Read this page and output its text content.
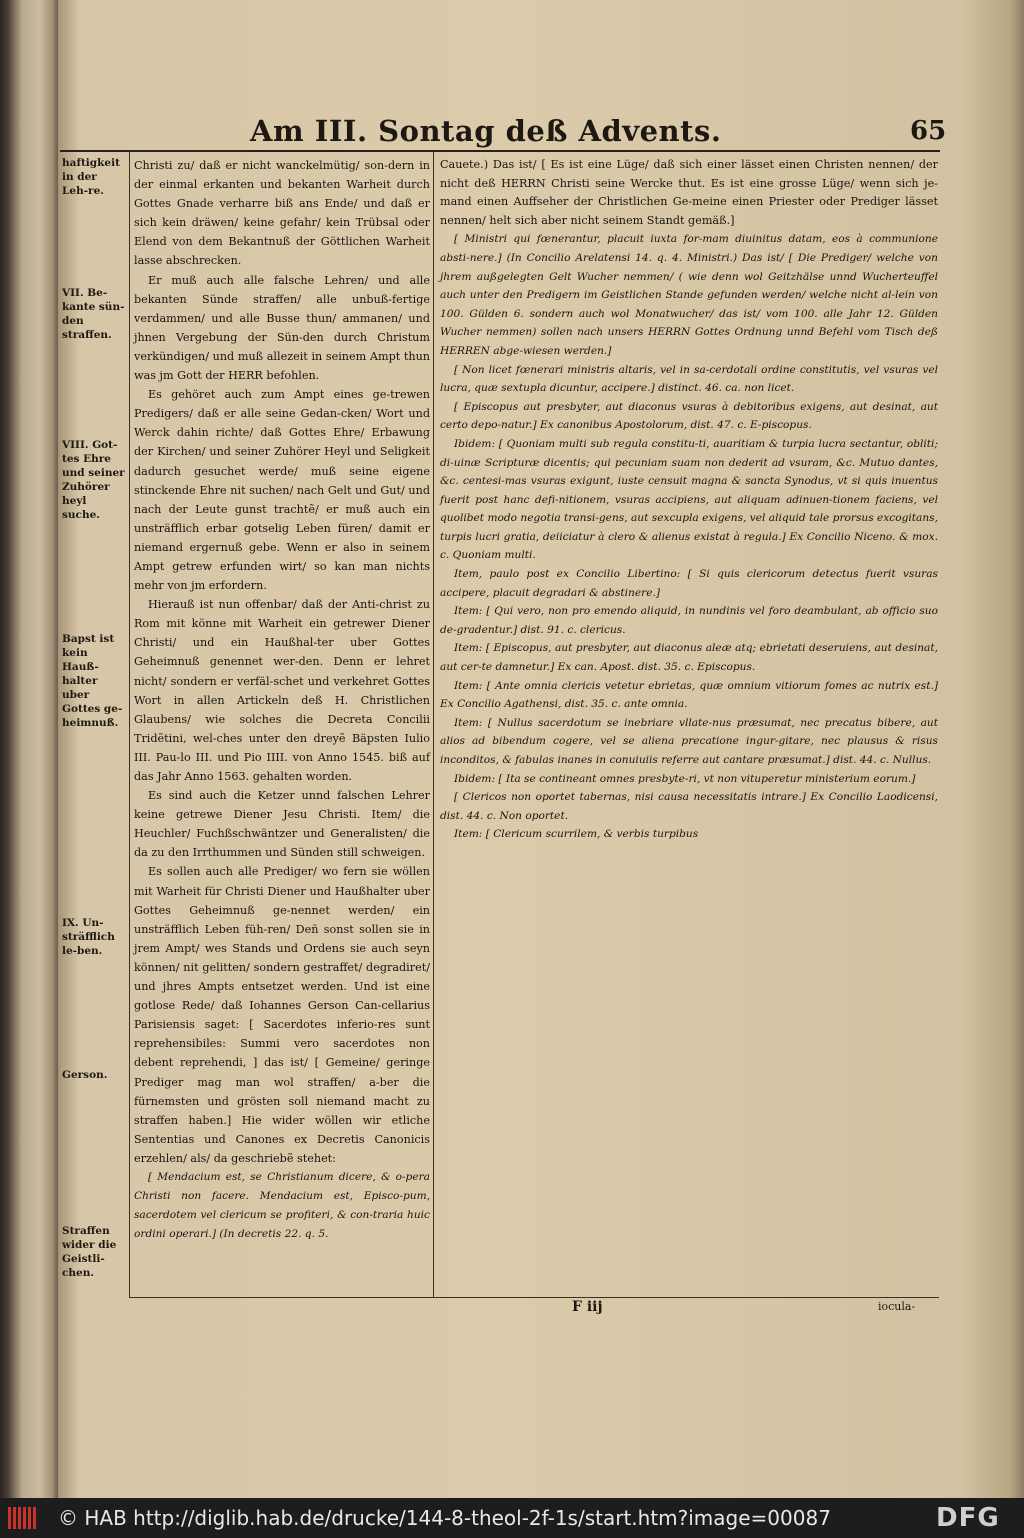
Am III. Sontag deß Advents.	65
haftigkeit in der Leh-re.
VII. Be-kante sün-den straffen.
VIII. Got-tes Ehre und seiner Zuhörer heyl suche.
Bapst ist kein Hauß-halter uber Gottes ge-heimnuß.
IX. Un-sträfflich le-ben.
Gerson.
Straffen wider die Geistli-chen.

Christi zu/ daß er nicht wanckelmütig/ son-dern in der einmal erkanten und bekanten Warheit durch Gottes Gnade verharre biß ans Ende/ und daß er sich kein dräwen/ keine gefahr/ kein Trübsal oder Elend von dem Bekantnuß der Göttlichen Warheit lasse abschrecken.

Er muß auch alle falsche Lehren/ und alle bekanten Sünde straffen/ alle unbuß-fertige verdammen/ und alle Busse thun/ ammanen/ und jhnen Vergebung der Sün-den durch Christum verkündigen/ und muß allezeit in seinem Ampt thun was jm Gott der HERR befohlen.

Es gehöret auch zum Ampt eines ge-trewen Predigers/ daß er alle seine Gedan-cken/ Wort und Werck dahin richte/ daß Gottes Ehre/ Erbawung der Kirchen/ und seiner Zuhörer Heyl und Seligkeit dadurch gesuchet werde/ muß seine eigene stinckende Ehre nit suchen/ nach Gelt und Gut/ und nach der Leute gunst trachtẽ/ er muß auch ein unsträfflich erbar gotselig Leben füren/ damit er niemand ergernuß gebe. Wenn er also in seinem Ampt getrew erfunden wirt/ so kan man nichts mehr von jm erfordern.

Hierauß ist nun offenbar/ daß der Anti-christ zu Rom mit könne mit Warheit ein getrewer Diener Christi/ und ein Haußhal-ter uber Gottes Geheimnuß genennet wer-den. Denn er lehret nicht/ sondern er verfäl-schet und verkehret Gottes Wort in allen Artickeln deß H. Christlichen Glaubens/ wie solches die Decreta Concilii Tridẽtini, wel-ches unter den dreyẽ Bäpsten Iulio III. Pau-lo III. und Pio IIII. von Anno 1545. biß auf das Jahr Anno 1563. gehalten worden.

Es sind auch die Ketzer unnd falschen Lehrer keine getrewe Diener Jesu Christi. Item/ die Heuchler/ Fuchßschwäntzer und Generalisten/ die da zu den Irrthummen und Sünden still schweigen.

Es sollen auch alle Prediger/ wo fern sie wöllen mit Warheit für Christi Diener und Haußhalter uber Gottes Geheimnuß ge-nennet werden/ ein unsträfflich Leben füh-ren/ Deñ sonst sollen sie in jrem Ampt/ wes Stands und Ordens sie auch seyn können/ nit gelitten/ sondern gestraffet/ degradiret/ und jhres Ampts entsetzet werden. Und ist eine gotlose Rede/ daß Iohannes Gerson Can-cellarius Parisiensis saget: [ Sacerdotes inferio-res sunt reprehensibiles: Summi vero sacerdotes non debent reprehendi, ] das ist/ [ Gemeine/ geringe Prediger mag man wol straffen/ a-ber die fürnemsten und grösten soll niemand macht zu straffen haben.] Hie wider wöllen wir etliche Sententias und Canones ex Decretis Canonicis erzehlen/ als/ da geschriebẽ stehet:

[ Mendacium est, se Christianum dicere, & o-pera Christi non facere. Mendacium est, Episco-pum, sacerdotem vel clericum se profiteri, & con-traria huic ordini operari.] (In decretis 22. q. 5.

Cauete.) Das ist/ [ Es ist eine Lüge/ daß sich einer lässet einen Christen nennen/ der nicht deß HERRN Christi seine Wercke thut. Es ist eine grosse Lüge/ wenn sich je-mand einen Auffseher der Christlichen Ge-meine einen Priester oder Prediger lässet nennen/ helt sich aber nicht seinem Standt gemäß.]

[ Ministri qui fœnerantur, placuit iuxta for-mam diuinitus datam, eos à communione absti-nere.] (In Concilio Arelatensi 14. q. 4. Ministri.) Das ist/ [ Die Prediger/ welche von jhrem außgelegten Gelt Wucher nemmen/ ( wie denn wol Geitzhälse unnd Wucherteuffel auch unter den Predigern im Geistlichen Stande gefunden werden/ welche nicht al-lein von 100. Gülden 6. sondern auch wol Monatwucher/ das ist/ vom 100. alle Jahr 12. Gülden Wucher nemmen) sollen nach unsers HERRN Gottes Ordnung unnd Befehl vom Tisch deß HERREN abge-wiesen werden.]

[ Non licet fœnerari ministris altaris, vel in sa-cerdotali ordine constitutis, vel vsuras vel lucra, quæ sextupla dicuntur, accipere.] distinct. 46. ca. non licet.

[ Episcopus aut presbyter, aut diaconus vsuras à debitoribus exigens, aut desinat, aut certo depo-natur.] Ex canonibus Apostolorum, dist. 47. c. E-piscopus.

Ibidem: [ Quoniam multi sub regula constitu-ti, auaritiam & turpia lucra sectantur, obliti; di-uinæ Scripturæ dicentis; qui pecuniam suam non dederit ad vsuram, &c. Mutuo dantes, &c. centesi-mas vsuras exigunt, iuste censuit magna & sancta Synodus, vt si quis inuentus fuerit post hanc defi-nitionem, vsuras accipiens, aut aliquam adinuen-tionem faciens, vel quolibet modo negotia transi-gens, aut sexcupla exigens, vel aliquid tale prorsus excogitans, turpis lucri gratia, deiiciatur à clero & alienus existat à regula.] Ex Concilio Niceno. & mox. c. Quoniam multi.

Item, paulo post ex Concilio Libertino: [ Si quis clericorum detectus fuerit vsuras accipere, placuit degradari & abstinere.]

Item: [ Qui vero, non pro emendo aliquid, in nundinis vel foro deambulant, ab officio suo de-gradentur.] dist. 91. c. clericus.

Item: [ Episcopus, aut presbyter, aut diaconus aleæ atq; ebrietati deseruiens, aut desinat, aut cer-te damnetur.] Ex can. Apost. dist. 35. c. Episcopus.

Item: [ Ante omnia clericis vetetur ebrietas, quæ omnium vitiorum fomes ac nutrix est.] Ex Concilio Agathensi, dist. 35. c. ante omnia.

Item: [ Nullus sacerdotum se inebriare vllate-nus præsumat, nec precatus bibere, aut alios ad bibendum cogere, vel se aliena precatione ingur-gitare, nec plausus & risus inconditos, & fabulas inanes in conuiuiis referre aut cantare præsumat.] dist. 44. c. Nullus.

Ibidem: [ Ita se contineant omnes presbyte-ri, vt non vituperetur ministerium eorum.]

[ Clericos non oportet tabernas, nisi causa necessitatis intrare.] Ex Concilio Laodicensi, dist. 44. c. Non oportet.

Item: [ Clericum scurrilem, & verbis turpibus

F iij	iocula-
© HAB http://diglib.hab.de/drucke/144-8-theol-2f-1s/start.htm?image=00087	DFG
